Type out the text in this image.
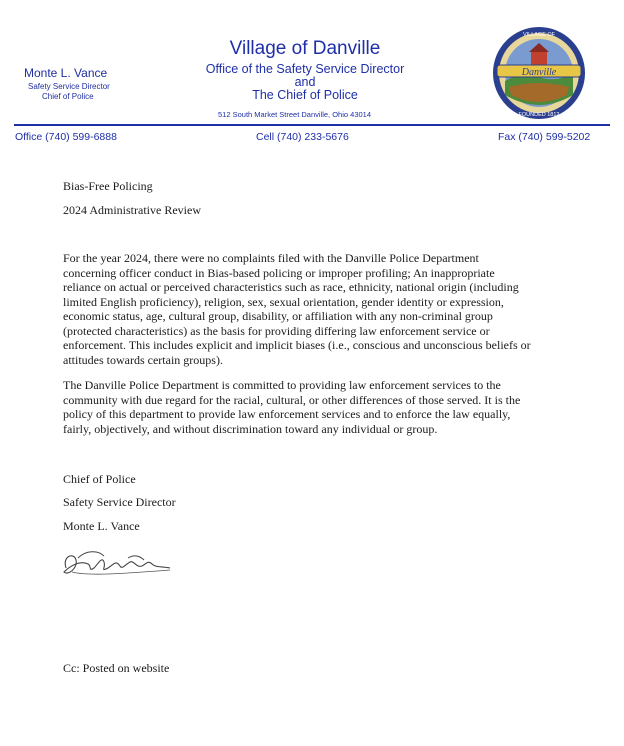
Monte L. Vance
Safety Service Director
Chief of Police
Village of Danville
Office of the Safety Service Director
and
The Chief of Police
512 South Market Street Danville, Ohio 43014
Danville
VILLAGE OF
FOUNDED 1812
Office (740) 599-6888	Cell (740) 233-5676	Fax (740) 599-5202
Bias-Free Policing
2024 Administrative Review
For the year 2024, there were no complaints filed with the Danville Police Department
concerning officer conduct in Bias-based policing or improper profiling; An inappropriate
reliance on actual or perceived characteristics such as race, ethnicity, national origin (including
limited English proficiency), religion, sex, sexual orientation, gender identity or expression,
economic status, age, cultural group, disability, or affiliation with any non-criminal group
(protected characteristics) as the basis for providing differing law enforcement service or
enforcement. This includes explicit and implicit biases (i.e., conscious and unconscious beliefs or
attitudes towards certain groups).
The Danville Police Department is committed to providing law enforcement services to the
community with due regard for the racial, cultural, or other differences of those served. It is the
policy of this department to provide law enforcement services and to enforce the law equally,
fairly, objectively, and without discrimination toward any individual or group.
Chief of Police
Safety Service Director
Monte L. Vance
Cc: Posted on website
